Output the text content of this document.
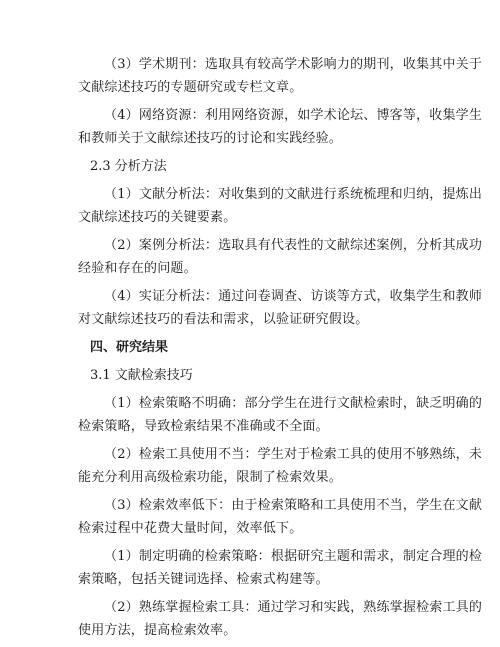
（3）学术期刊：选取具有较高学术影响力的期刊，收集其中关于
文献综述技巧的专题研究或专栏文章。

（4）网络资源：利用网络资源，如学术论坛、博客等，收集学生
和教师关于文献综述技巧的讨论和实践经验。

2.3 分析方法

（1）文献分析法：对收集到的文献进行系统梳理和归纳，提炼出
文献综述技巧的关键要素。

（2）案例分析法：选取具有代表性的文献综述案例，分析其成功
经验和存在的问题。

（4）实证分析法：通过问卷调查、访谈等方式，收集学生和教师
对文献综述技巧的看法和需求，以验证研究假设。

四、研究结果

3.1 文献检索技巧

（1）检索策略不明确：部分学生在进行文献检索时，缺乏明确的
检索策略，导致检索结果不准确或不全面。

（2）检索工具使用不当：学生对于检索工具的使用不够熟练，未
能充分利用高级检索功能，限制了检索效果。

（3）检索效率低下：由于检索策略和工具使用不当，学生在文献
检索过程中花费大量时间，效率低下。

（1）制定明确的检索策略：根据研究主题和需求，制定合理的检
索策略，包括关键词选择、检索式构建等。

（2）熟练掌握检索工具：通过学习和实践，熟练掌握检索工具的
使用方法，提高检索效率。
